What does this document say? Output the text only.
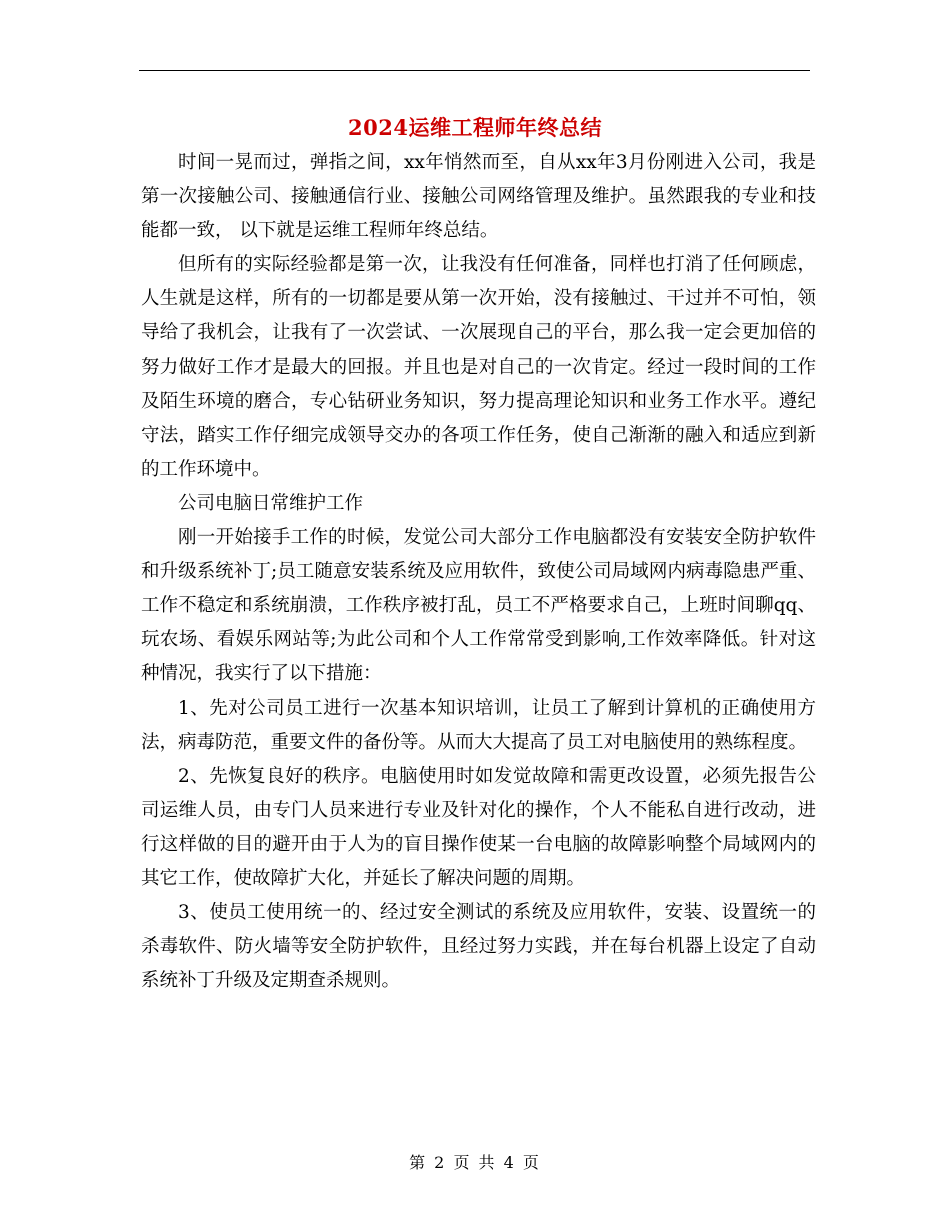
2024运维工程师年终总结

时间一晃而过，弹指之间，xx年悄然而至，自从xx年3月份刚进入公司，我是第一次接触公司、接触通信行业、接触公司网络管理及维护。虽然跟我的专业和技能都一致， 以下就是运维工程师年终总结。

但所有的实际经验都是第一次，让我没有任何准备，同样也打消了任何顾虑，人生就是这样，所有的一切都是要从第一次开始，没有接触过、干过并不可怕，领导给了我机会，让我有了一次尝试、一次展现自己的平台，那么我一定会更加倍的努力做好工作才是最大的回报。并且也是对自己的一次肯定。经过一段时间的工作及陌生环境的磨合，专心钻研业务知识，努力提高理论知识和业务工作水平。遵纪守法，踏实工作仔细完成领导交办的各项工作任务，使自己渐渐的融入和适应到新的工作环境中。

公司电脑日常维护工作

刚一开始接手工作的时候，发觉公司大部分工作电脑都没有安装安全防护软件和升级系统补丁;员工随意安装系统及应用软件，致使公司局域网内病毒隐患严重、工作不稳定和系统崩溃，工作秩序被打乱，员工不严格要求自己，上班时间聊qq、玩农场、看娱乐网站等;为此公司和个人工作常常受到影响,工作效率降低。针对这种情况，我实行了以下措施：

1、先对公司员工进行一次基本知识培训，让员工了解到计算机的正确使用方法，病毒防范，重要文件的备份等。从而大大提高了员工对电脑使用的熟练程度。

2、先恢复良好的秩序。电脑使用时如发觉故障和需更改设置，必须先报告公司运维人员，由专门人员来进行专业及针对化的操作，个人不能私自进行改动，进行这样做的目的避开由于人为的盲目操作使某一台电脑的故障影响整个局域网内的其它工作，使故障扩大化，并延长了解决问题的周期。

3、使员工使用统一的、经过安全测试的系统及应用软件，安装、设置统一的杀毒软件、防火墙等安全防护软件，且经过努力实践，并在每台机器上设定了自动系统补丁升级及定期查杀规则。

第 2 页 共 4 页
